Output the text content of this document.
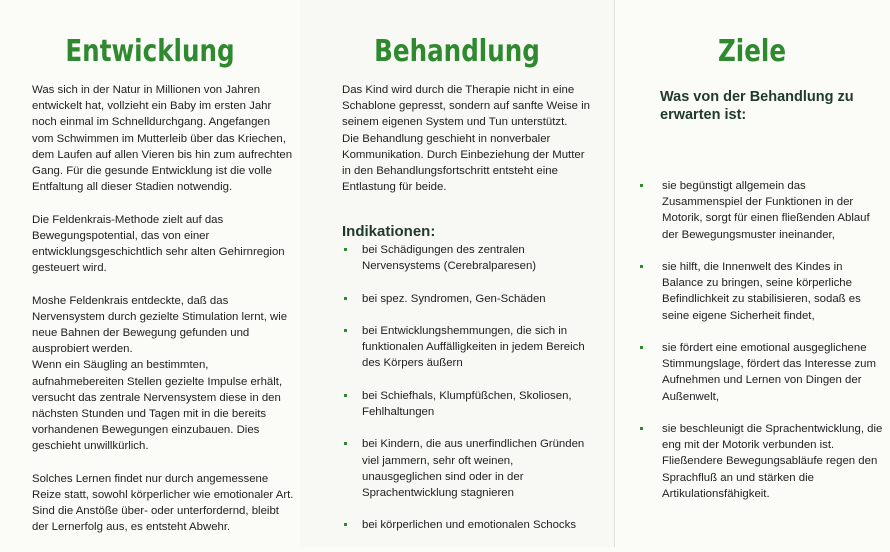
Entwicklung

Was sich in der Natur in Millionen von Jahren entwickelt hat, vollzieht ein Baby im ersten Jahr noch einmal im Schnelldurchgang. Angefangen vom Schwimmen im Mutterleib über das Kriechen, dem Laufen auf allen Vieren bis hin zum aufrechten Gang. Für die gesunde Entwicklung ist die volle Entfaltung all dieser Stadien notwendig.

Die Feldenkrais-Methode zielt auf das Bewegungspotential, das von einer entwicklungsgeschichtlich sehr alten Gehirnregion gesteuert wird.

Moshe Feldenkrais entdeckte, daß das Nervensystem durch gezielte Stimulation lernt, wie neue Bahnen der Bewegung gefunden und ausprobiert werden.
Wenn ein Säugling an bestimmten, aufnahmebereiten Stellen gezielte Impulse erhält, versucht das zentrale Nervensystem diese in den nächsten Stunden und Tagen mit in die bereits vorhandenen Bewegungen einzubauen. Dies geschieht unwillkürlich.

Solches Lernen findet nur durch angemessene Reize statt, sowohl körperlicher wie emotionaler Art. Sind die Anstöße über- oder unterfordernd, bleibt der Lernerfolg aus, es entsteht Abwehr.

Behandlung

Das Kind wird durch die Therapie nicht in eine Schablone gepresst, sondern auf sanfte Weise in seinem eigenen System und Tun unterstützt.
Die Behandlung geschieht in nonverbaler Kommunikation. Durch Einbeziehung der Mutter in den Behandlungsfortschritt entsteht eine Entlastung für beide.

Indikationen:
bei Schädigungen des zentralen Nervensystems (Cerebralparesen)
bei spez. Syndromen, Gen-Schäden
bei Entwicklungshemmungen, die sich in funktionalen Auffälligkeiten in jedem Bereich des Körpers äußern
bei Schiefhals, Klumpfüßchen, Skoliosen, Fehlhaltungen
bei Kindern, die aus unerfindlichen Gründen viel jammern, sehr oft weinen, unausgeglichen sind oder in der Sprachentwicklung stagnieren
bei körperlichen und emotionalen Schocks
Ziele
Was von der Behandlung zu erwarten ist:
sie begünstigt allgemein das Zusammenspiel der Funktionen in der Motorik, sorgt für einen fließenden Ablauf der Bewegungsmuster ineinander,
sie hilft, die Innenwelt des Kindes in Balance zu bringen, seine körperliche Befindlichkeit zu stabilisieren, sodaß es seine eigene Sicherheit findet,
sie fördert eine emotional ausgeglichene Stimmungslage, fördert das Interesse zum Aufnehmen und Lernen von Dingen der Außenwelt,
sie beschleunigt die Sprachentwicklung, die eng mit der Motorik verbunden ist. Fließendere Bewegungsabläufe regen den Sprachfluß an und stärken die Artikulationsfähigkeit.
